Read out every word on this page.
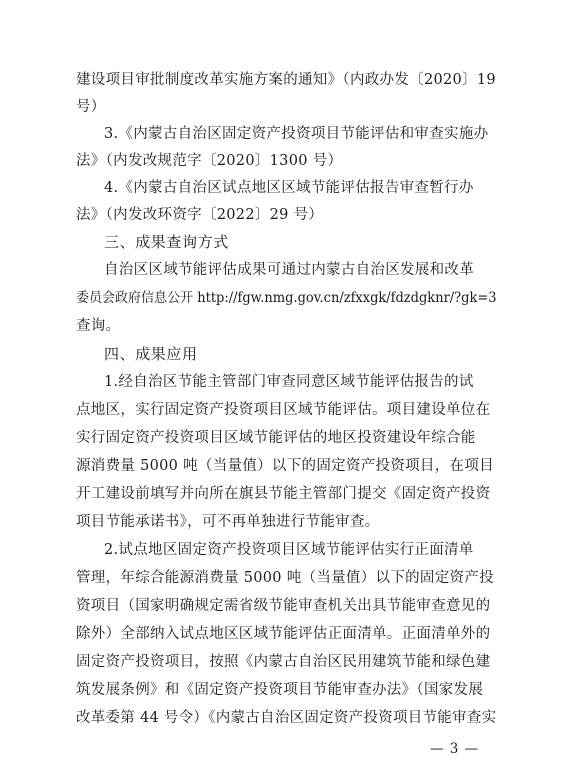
建设项目审批制度改革实施方案的通知》（内政办发〔2020〕19
号）
3.《内蒙古自治区固定资产投资项目节能评估和审查实施办
法》（内发改规范字〔2020〕1300 号）
4.《内蒙古自治区试点地区区域节能评估报告审查暂行办
法》（内发改环资字〔2022〕29 号）
三、成果查询方式
自治区区域节能评估成果可通过内蒙古自治区发展和改革
委员会政府信息公开 http://fgw.nmg.gov.cn/zfxxgk/fdzdgknr/?gk=3
查询。
四、成果应用
1.经自治区节能主管部门审查同意区域节能评估报告的试
点地区，实行固定资产投资项目区域节能评估。项目建设单位在
实行固定资产投资项目区域节能评估的地区投资建设年综合能
源消费量 5000 吨（当量值）以下的固定资产投资项目，在项目
开工建设前填写并向所在旗县节能主管部门提交《固定资产投资
项目节能承诺书》，可不再单独进行节能审查。
2.试点地区固定资产投资项目区域节能评估实行正面清单
管理，年综合能源消费量 5000 吨（当量值）以下的固定资产投
资项目（国家明确规定需省级节能审查机关出具节能审查意见的
除外）全部纳入试点地区区域节能评估正面清单。正面清单外的
固定资产投资项目，按照《内蒙古自治区民用建筑节能和绿色建
筑发展条例》和《固定资产投资项目节能审查办法》（国家发展
改革委第 44 号令）《内蒙古自治区固定资产投资项目节能审查实
— 3 —
